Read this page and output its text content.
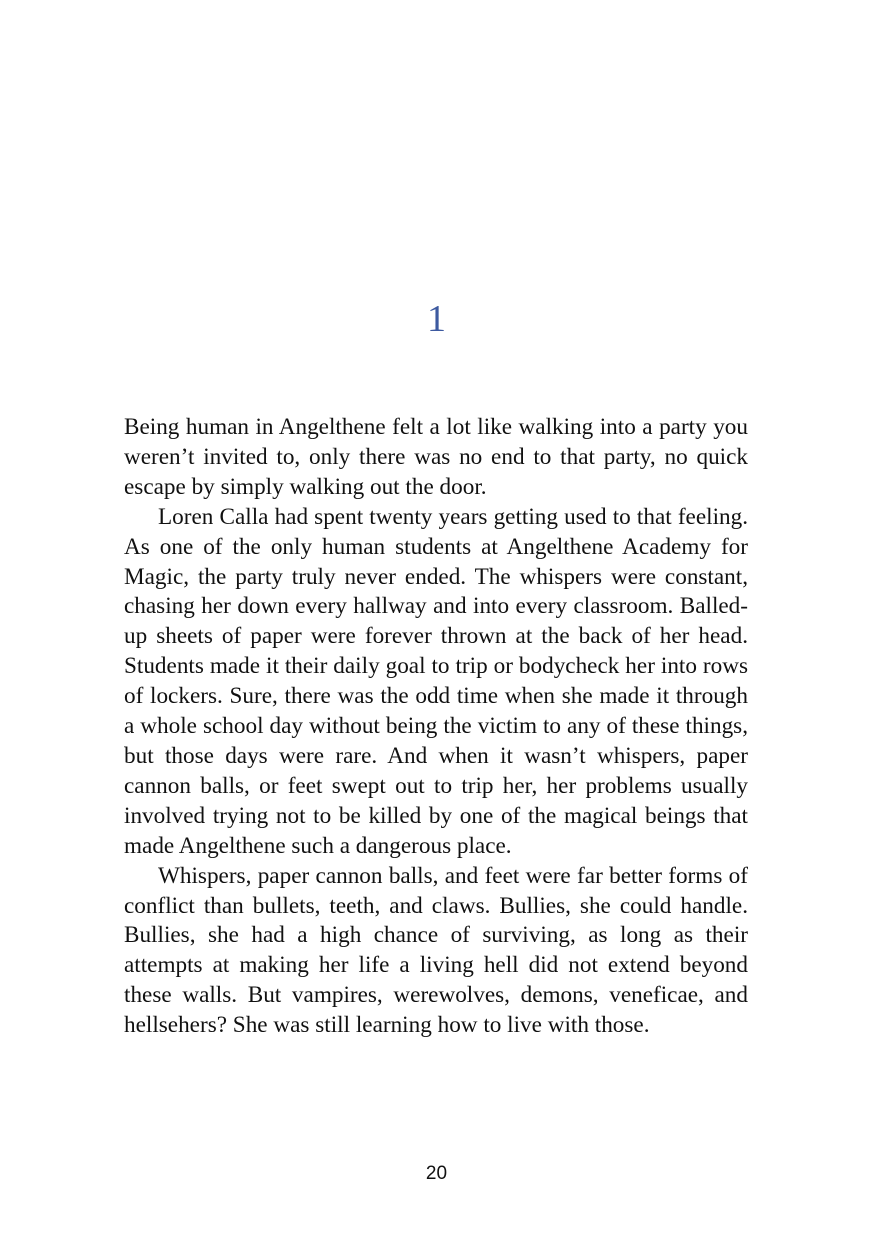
1

Being human in Angelthene felt a lot like walking into a party you weren’t invited to, only there was no end to that party, no quick escape by simply walking out the door.

Loren Calla had spent twenty years getting used to that feeling. As one of the only human students at Angelthene Academy for Magic, the party truly never ended. The whispers were constant, chasing her down every hallway and into every classroom. Balled-up sheets of paper were forever thrown at the back of her head. Students made it their daily goal to trip or bodycheck her into rows of lockers. Sure, there was the odd time when she made it through a whole school day without being the victim to any of these things, but those days were rare. And when it wasn’t whispers, paper cannon balls, or feet swept out to trip her, her problems usually involved trying not to be killed by one of the magical beings that made Angelthene such a dangerous place.

Whispers, paper cannon balls, and feet were far better forms of conflict than bullets, teeth, and claws. Bullies, she could handle. Bullies, she had a high chance of surviving, as long as their attempts at making her life a living hell did not extend beyond these walls. But vampires, werewolves, demons, veneficae, and hellsehers? She was still learning how to live with those.

20
